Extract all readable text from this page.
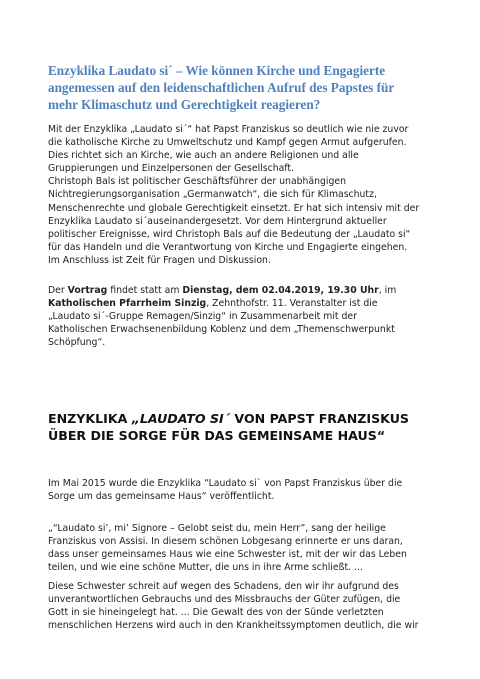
Enzyklika Laudato si´ – Wie können Kirche und Engagierte
angemessen auf den leidenschaftlichen Aufruf des Papstes für
mehr Klimaschutz und Gerechtigkeit reagieren?

Mit der Enzyklika „Laudato si´“ hat Papst Franziskus so deutlich wie nie zuvor
die katholische Kirche zu Umweltschutz und Kampf gegen Armut aufgerufen.
Dies richtet sich an Kirche, wie auch an andere Religionen und alle
Gruppierungen und Einzelpersonen der Gesellschaft.
Christoph Bals ist politischer Geschäftsführer der unabhängigen
Nichtregierungsorganisation „Germanwatch“, die sich für Klimaschutz,
Menschenrechte und globale Gerechtigkeit einsetzt. Er hat sich intensiv mit der
Enzyklika Laudato si´auseinandergesetzt. Vor dem Hintergrund aktueller
politischer Ereignisse, wird Christoph Bals auf die Bedeutung der „Laudato si“
für das Handeln und die Verantwortung von Kirche und Engagierte eingehen.
Im Anschluss ist Zeit für Fragen und Diskussion.

Der Vortrag findet statt am Dienstag, dem 02.04.2019, 19.30 Uhr, im
Katholischen Pfarrheim Sinzig, Zehnthofstr. 11. Veranstalter ist die
„Laudato si´-Gruppe Remagen/Sinzig“ in Zusammenarbeit mit der
Katholischen Erwachsenenbildung Koblenz und dem „Themenschwerpunkt
Schöpfung“.

ENZYKLIKA „LAUDATO SI´ VON PAPST FRANZISKUS
ÜBER DIE SORGE FÜR DAS GEMEINSAME HAUS“

Im Mai 2015 wurde die Enzyklika “Laudato si` von Papst Franziskus über die
Sorge um das gemeinsame Haus“ veröffentlicht.

„“Laudato si’, mi’ Signore – Gelobt seist du, mein Herr”, sang der heilige
Franziskus von Assisi. In diesem schönen Lobgesang erinnerte er uns daran,
dass unser gemeinsames Haus wie eine Schwester ist, mit der wir das Leben
teilen, und wie eine schöne Mutter, die uns in ihre Arme schließt. ...

Diese Schwester schreit auf wegen des Schadens, den wir ihr aufgrund des
unverantwortlichen Gebrauchs und des Missbrauchs der Güter zufügen, die
Gott in sie hineingelegt hat. ... Die Gewalt des von der Sünde verletzten
menschlichen Herzens wird auch in den Krankheitssymptomen deutlich, die wir
